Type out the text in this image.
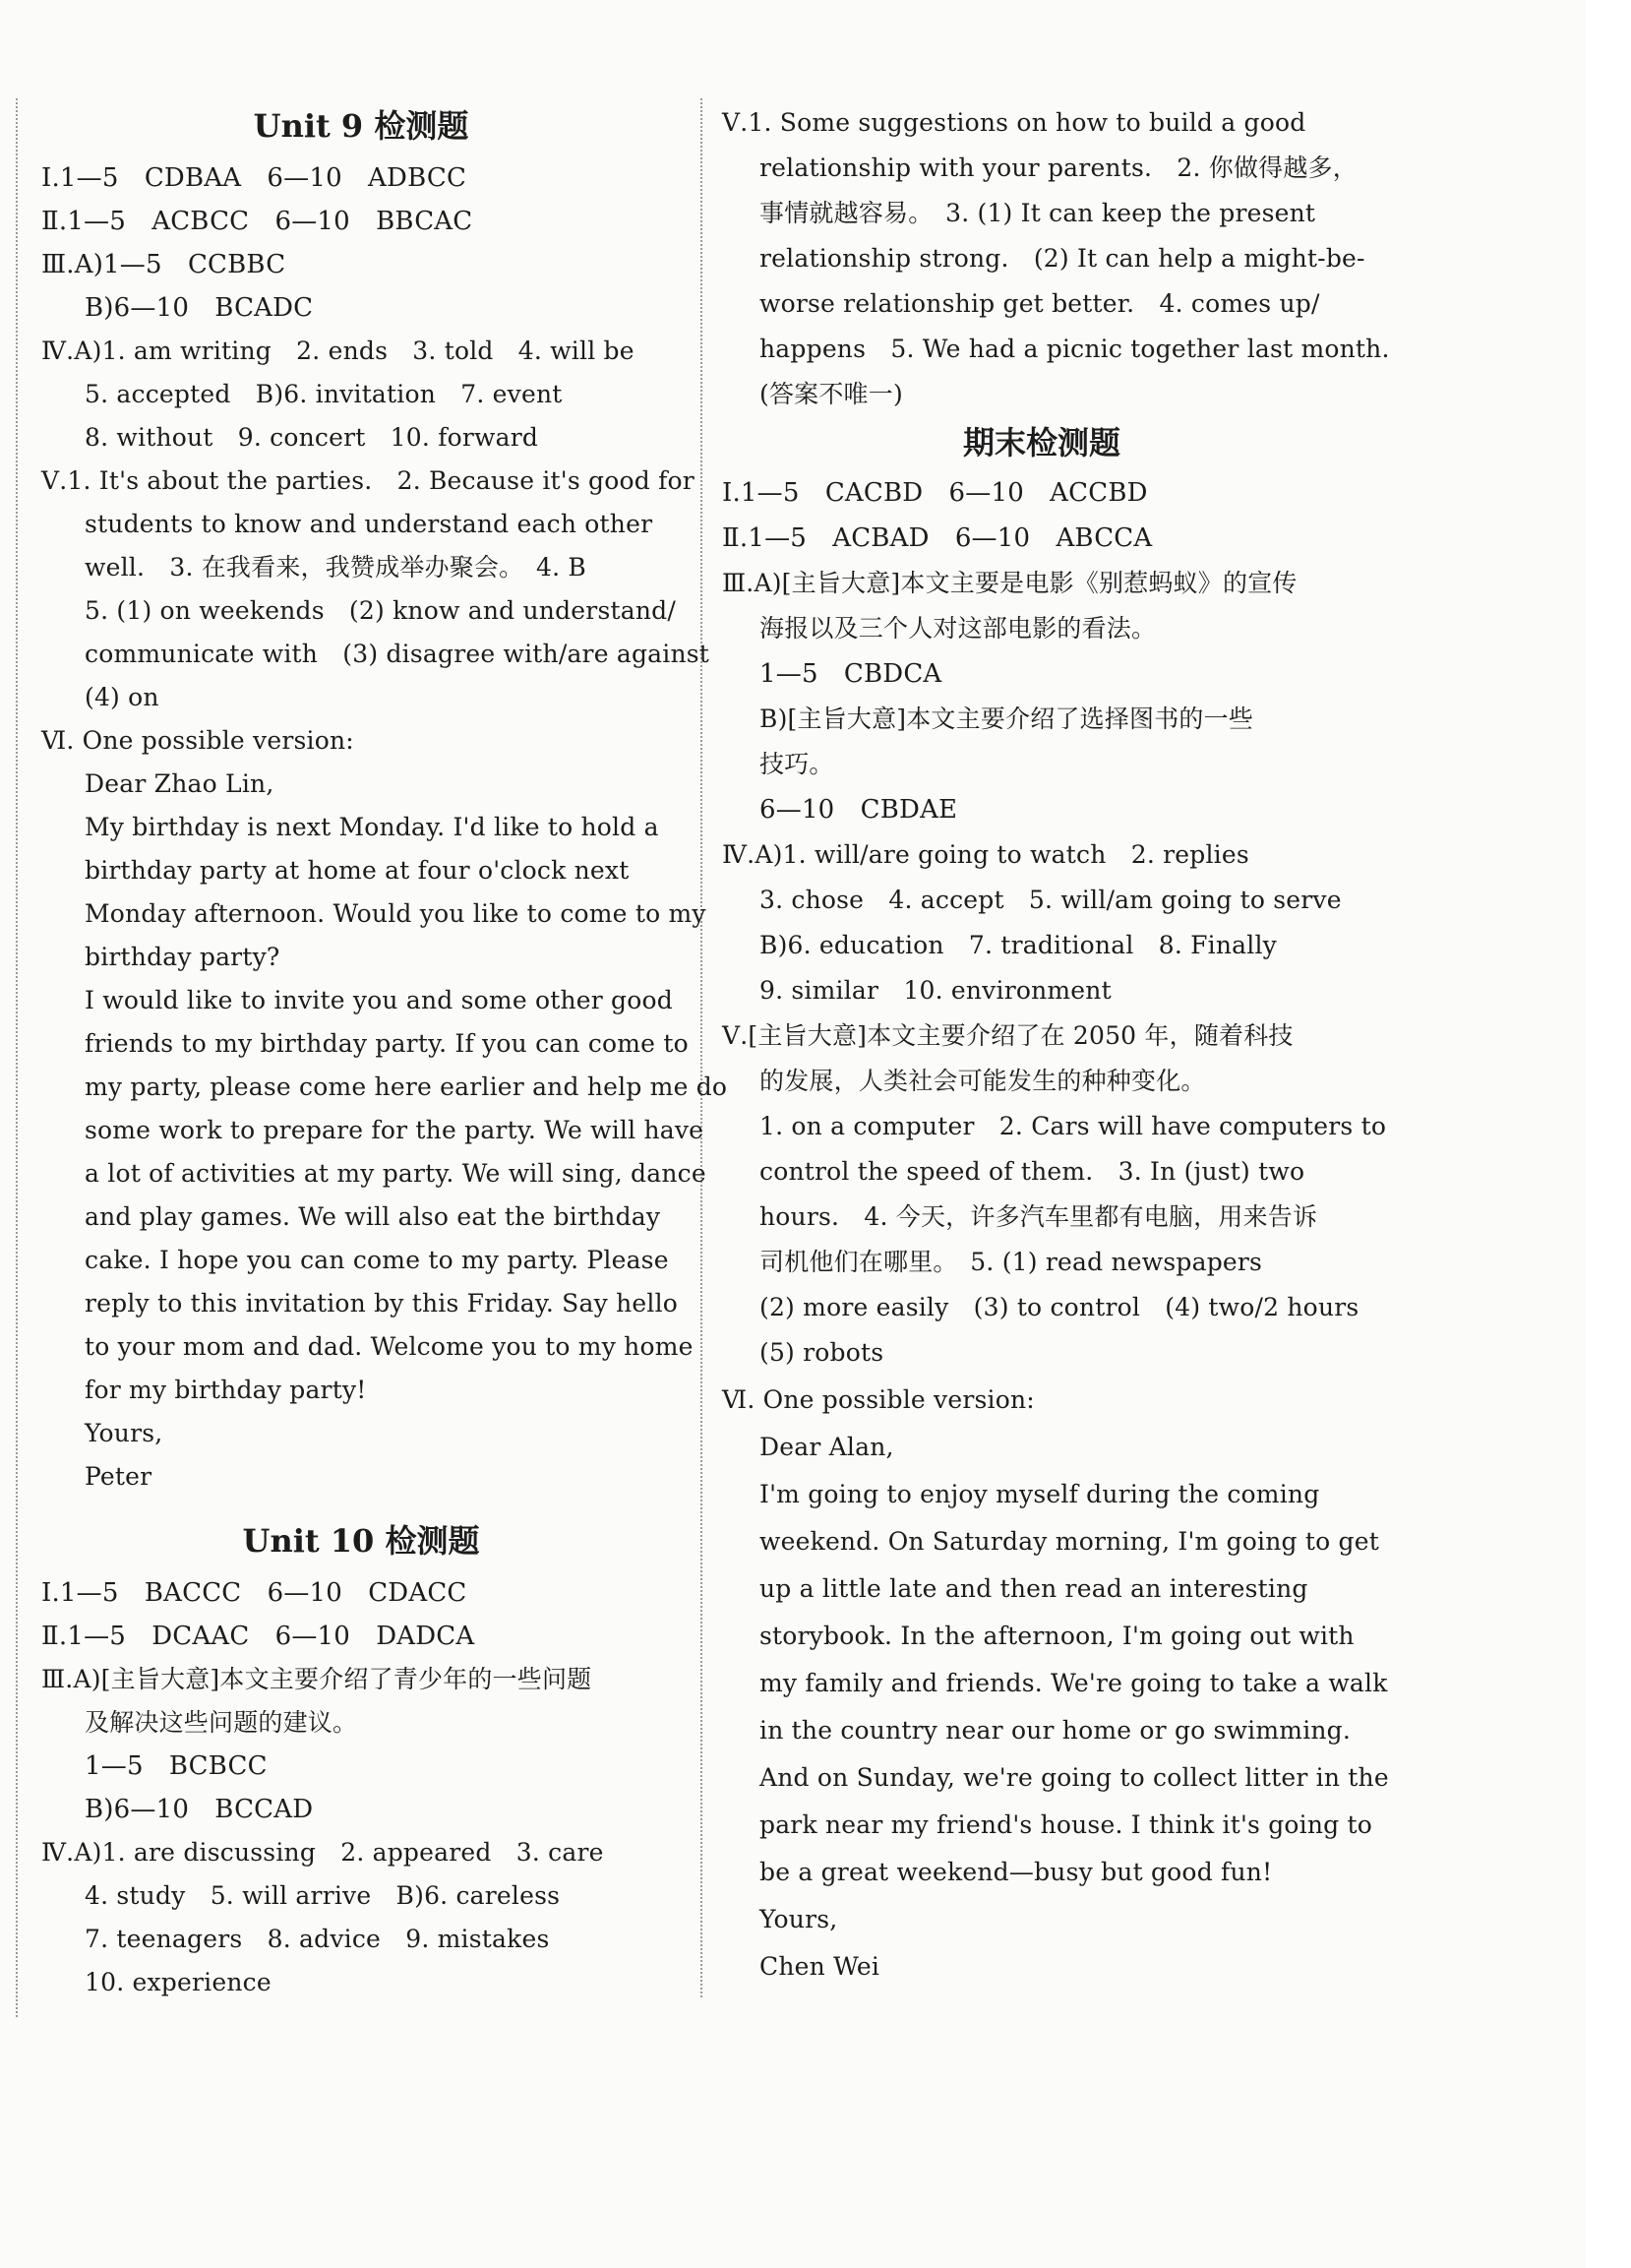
Unit 9 检测题
Ⅰ.1—5　CDBAA　6—10　ADBCC
Ⅱ.1—5　ACBCC　6—10　BBCAC
Ⅲ.A)1—5　CCBBC
B)6—10　BCADC
Ⅳ.A)1. am writing　2. ends　3. told　4. will be
5. accepted　B)6. invitation　7. event
8. without　9. concert　10. forward
Ⅴ.1. It's about the parties.　2. Because it's good for
students to know and understand each other
well.　3. 在我看来，我赞成举办聚会。　4. B
5. (1) on weekends　(2) know and understand/
communicate with　(3) disagree with/are against
(4) on
Ⅵ. One possible version:
Dear Zhao Lin,
My birthday is next Monday. I'd like to hold a
birthday party at home at four o'clock next
Monday afternoon. Would you like to come to my
birthday party?
I would like to invite you and some other good
friends to my birthday party. If you can come to
my party, please come here earlier and help me do
some work to prepare for the party. We will have
a lot of activities at my party. We will sing, dance
and play games. We will also eat the birthday
cake. I hope you can come to my party. Please
reply to this invitation by this Friday. Say hello
to your mom and dad. Welcome you to my home
for my birthday party!
Yours,
Peter
Unit 10 检测题
Ⅰ.1—5　BACCC　6—10　CDACC
Ⅱ.1—5　DCAAC　6—10　DADCA
Ⅲ.A)[主旨大意]本文主要介绍了青少年的一些问题
及解决这些问题的建议。
1—5　BCBCC
B)6—10　BCCAD
Ⅳ.A)1. are discussing　2. appeared　3. care
4. study　5. will arrive　B)6. careless
7. teenagers　8. advice　9. mistakes
10. experience
Ⅴ.1. Some suggestions on how to build a good
relationship with your parents.　2. 你做得越多，
事情就越容易。　3. (1) It can keep the present
relationship strong.　(2) It can help a might-be-
worse relationship get better.　4. comes up/
happens　5. We had a picnic together last month.
(答案不唯一)
期末检测题
Ⅰ.1—5　CACBD　6—10　ACCBD
Ⅱ.1—5　ACBAD　6—10　ABCCA
Ⅲ.A)[主旨大意]本文主要是电影《别惹蚂蚁》的宣传
海报以及三个人对这部电影的看法。
1—5　CBDCA
B)[主旨大意]本文主要介绍了选择图书的一些
技巧。
6—10　CBDAE
Ⅳ.A)1. will/are going to watch　2. replies
3. chose　4. accept　5. will/am going to serve
B)6. education　7. traditional　8. Finally
9. similar　10. environment
Ⅴ.[主旨大意]本文主要介绍了在 2050 年，随着科技
的发展，人类社会可能发生的种种变化。
1. on a computer　2. Cars will have computers to
control the speed of them.　3. In (just) two
hours.　4. 今天，许多汽车里都有电脑，用来告诉
司机他们在哪里。　5. (1) read newspapers
(2) more easily　(3) to control　(4) two/2 hours
(5) robots
Ⅵ. One possible version:
Dear Alan,
I'm going to enjoy myself during the coming
weekend. On Saturday morning, I'm going to get
up a little late and then read an interesting
storybook. In the afternoon, I'm going out with
my family and friends. We're going to take a walk
in the country near our home or go swimming.
And on Sunday, we're going to collect litter in the
park near my friend's house. I think it's going to
be a great weekend—busy but good fun!
Yours,
Chen Wei
